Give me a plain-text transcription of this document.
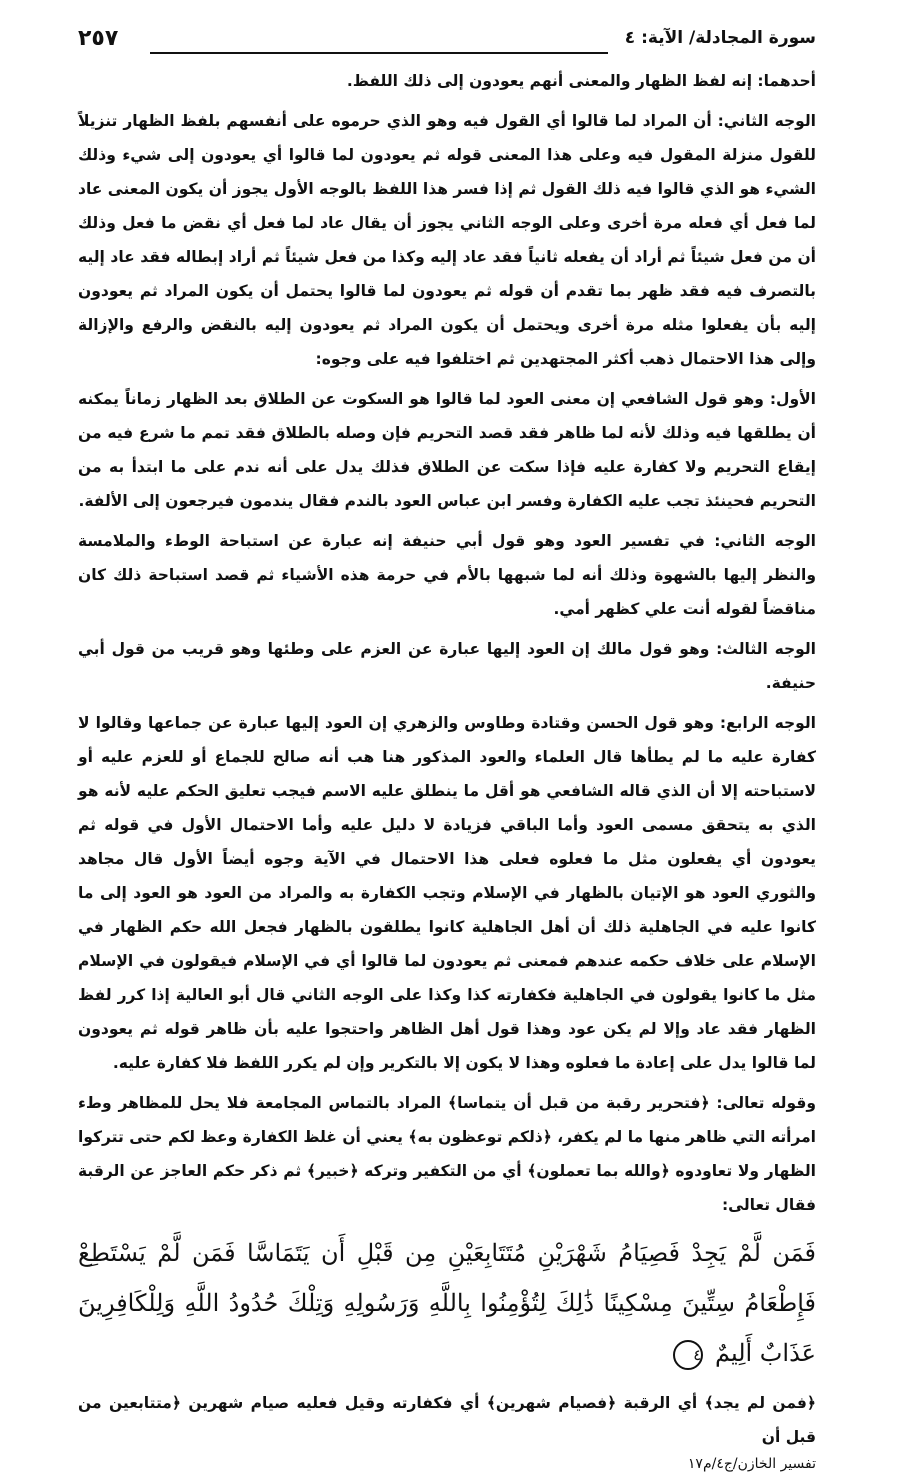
٢٥٧	سورة المجادلة/ الآية: ٤

أحدهما: إنه لفظ الظهار والمعنى أنهم يعودون إلى ذلك اللفظ.

الوجه الثاني: أن المراد لما قالوا أي القول فيه وهو الذي حرموه على أنفسهم بلفظ الظهار تنزيلاً للقول منزلة المقول فيه وعلى هذا المعنى قوله ثم يعودون لما قالوا أي يعودون إلى شيء وذلك الشيء هو الذي قالوا فيه ذلك القول ثم إذا فسر هذا اللفظ بالوجه الأول يجوز أن يكون المعنى عاد لما فعل أي فعله مرة أخرى وعلى الوجه الثاني يجوز أن يقال عاد لما فعل أي نقض ما فعل وذلك أن من فعل شيئاً ثم أراد أن يفعله ثانياً فقد عاد إليه وكذا من فعل شيئاً ثم أراد إبطاله فقد عاد إليه بالتصرف فيه فقد ظهر بما تقدم أن قوله ثم يعودون لما قالوا يحتمل أن يكون المراد ثم يعودون إليه بأن يفعلوا مثله مرة أخرى ويحتمل أن يكون المراد ثم يعودون إليه بالنقض والرفع والإزالة وإلى هذا الاحتمال ذهب أكثر المجتهدين ثم اختلفوا فيه على وجوه:

الأول: وهو قول الشافعي إن معنى العود لما قالوا هو السكوت عن الطلاق بعد الظهار زماناً يمكنه أن يطلقها فيه وذلك لأنه لما ظاهر فقد قصد التحريم فإن وصله بالطلاق فقد تمم ما شرع فيه من إيقاع التحريم ولا كفارة عليه فإذا سكت عن الطلاق فذلك يدل على أنه ندم على ما ابتدأ به من التحريم فحينئذ تجب عليه الكفارة وفسر ابن عباس العود بالندم فقال يندمون فيرجعون إلى الألفة.

الوجه الثاني: في تفسير العود وهو قول أبي حنيفة إنه عبارة عن استباحة الوطء والملامسة والنظر إليها بالشهوة وذلك أنه لما شبهها بالأم في حرمة هذه الأشياء ثم قصد استباحة ذلك كان مناقضاً لقوله أنت علي كظهر أمي.

الوجه الثالث: وهو قول مالك إن العود إليها عبارة عن العزم على وطئها وهو قريب من قول أبي حنيفة.

الوجه الرابع: وهو قول الحسن وقتادة وطاوس والزهري إن العود إليها عبارة عن جماعها وقالوا لا كفارة عليه ما لم يطأها قال العلماء والعود المذكور هنا هب أنه صالح للجماع أو للعزم عليه أو لاستباحته إلا أن الذي قاله الشافعي هو أقل ما ينطلق عليه الاسم فيجب تعليق الحكم عليه لأنه هو الذي به يتحقق مسمى العود وأما الباقي فزيادة لا دليل عليه وأما الاحتمال الأول في قوله ثم يعودون أي يفعلون مثل ما فعلوه فعلى هذا الاحتمال في الآية وجوه أيضاً الأول قال مجاهد والثوري العود هو الإتيان بالظهار في الإسلام وتجب الكفارة به والمراد من العود هو العود إلى ما كانوا عليه في الجاهلية ذلك أن أهل الجاهلية كانوا يطلقون بالظهار فجعل الله حكم الظهار في الإسلام على خلاف حكمه عندهم فمعنى ثم يعودون لما قالوا أي في الإسلام فيقولون في الإسلام مثل ما كانوا يقولون في الجاهلية فكفارته كذا وكذا على الوجه الثاني قال أبو العالية إذا كرر لفظ الظهار فقد عاد وإلا لم يكن عود وهذا قول أهل الظاهر واحتجوا عليه بأن ظاهر قوله ثم يعودون لما قالوا يدل على إعادة ما فعلوه وهذا لا يكون إلا بالتكرير وإن لم يكرر اللفظ فلا كفارة عليه.

وقوله تعالى: ﴿فتحرير رقبة من قبل أن يتماسا﴾ المراد بالتماس المجامعة فلا يحل للمظاهر وطء امرأته التي ظاهر منها ما لم يكفر، ﴿ذلكم توعظون به﴾ يعني أن غلظ الكفارة وعظ لكم حتى تتركوا الظهار ولا تعاودوه ﴿والله بما تعملون﴾ أي من التكفير وتركه ﴿خبير﴾ ثم ذكر حكم العاجز عن الرقبة فقال تعالى:

فَمَن لَّمْ يَجِدْ فَصِيَامُ شَهْرَيْنِ مُتَتَابِعَيْنِ مِن قَبْلِ أَن يَتَمَاسَّا فَمَن لَّمْ يَسْتَطِعْ فَإِطْعَامُ سِتِّينَ مِسْكِينًا ذَٰلِكَ لِتُؤْمِنُوا بِاللَّهِ وَرَسُولِهِ وَتِلْكَ حُدُودُ اللَّهِ وَلِلْكَافِرِينَ عَذَابٌ أَلِيمٌ ٤

﴿فمن لم يجد﴾ أي الرقبة ﴿فصيام شهرين﴾ أي فكفارته وقيل فعليه صيام شهرين ﴿متتابعين من قبل أن

تفسير الخازن/ج٤/م١٧
